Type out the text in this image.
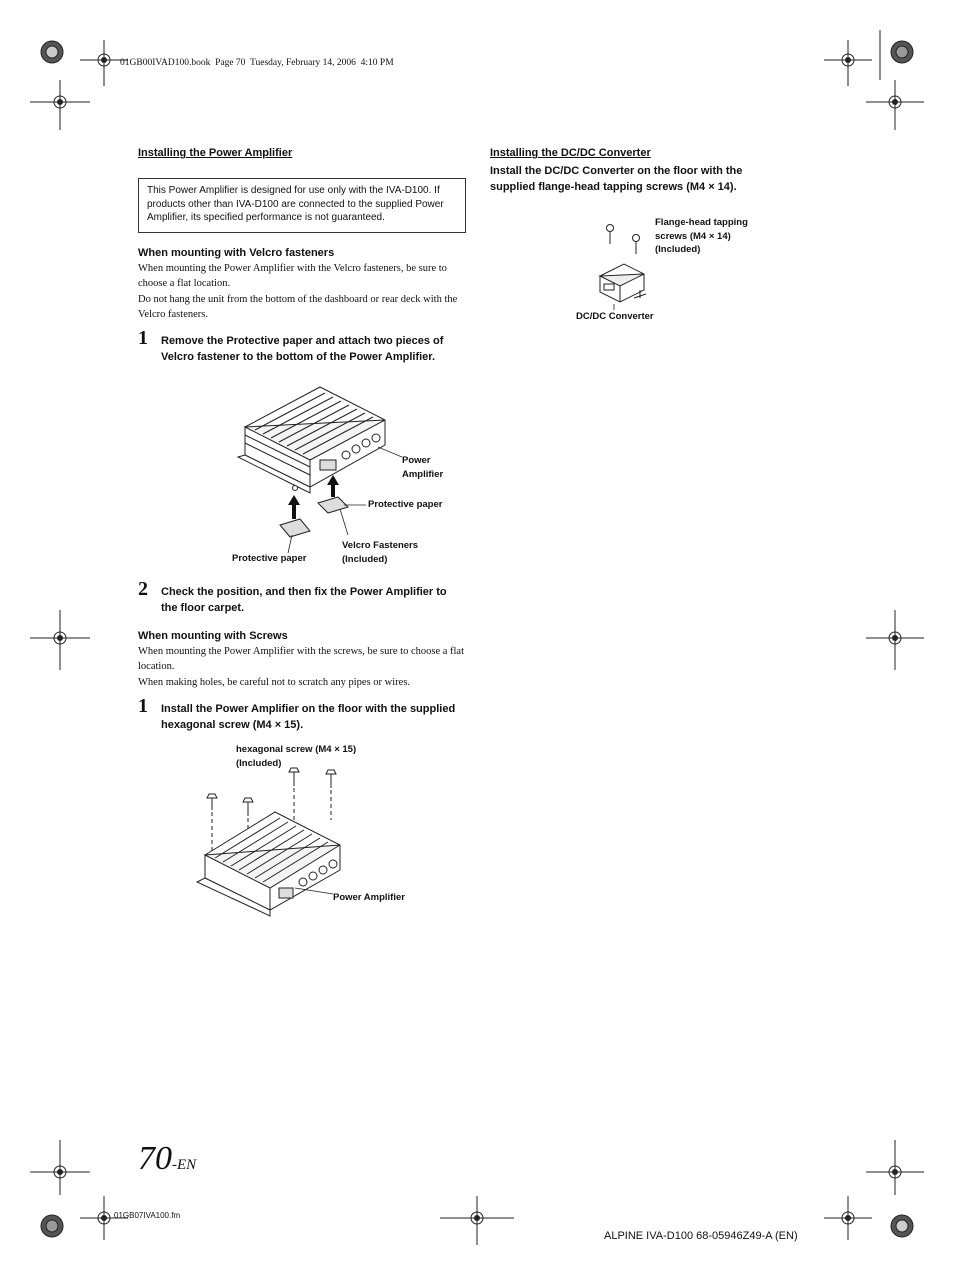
01GB00IVAD100.book  Page 70  Tuesday, February 14, 2006  4:10 PM
Installing the Power Amplifier
This Power Amplifier is designed for use only with the IVA-D100. If products other than IVA-D100 are connected to the supplied Power Amplifier, its specified performance is not guaranteed.
When mounting with Velcro fasteners
When mounting the Power Amplifier with the Velcro fasteners, be sure to choose a flat location.
Do not hang the unit from the bottom of the dashboard or rear deck with the Velcro fasteners.
1 Remove the Protective paper and attach two pieces of Velcro fastener to the bottom of the Power Amplifier.
Power
Amplifier
Protective paper
Velcro Fasteners
(Included)
Protective paper
2 Check the position, and then fix the Power Amplifier to the floor carpet.
When mounting with Screws
When mounting the Power Amplifier with the screws, be sure to choose a flat location.
When making holes, be careful not to scratch any pipes or wires.
1 Install the Power Amplifier on the floor with the supplied hexagonal screw (M4 × 15).
hexagonal screw (M4 × 15)
(Included)
Power Amplifier
Installing the DC/DC Converter
Install the DC/DC Converter on the floor with the supplied flange-head tapping screws (M4 × 14).
Flange-head tapping
screws (M4 × 14)
(Included)
DC/DC Converter
70-EN
01GB07IVA100.fm
ALPINE IVA-D100 68-05946Z49-A (EN)
